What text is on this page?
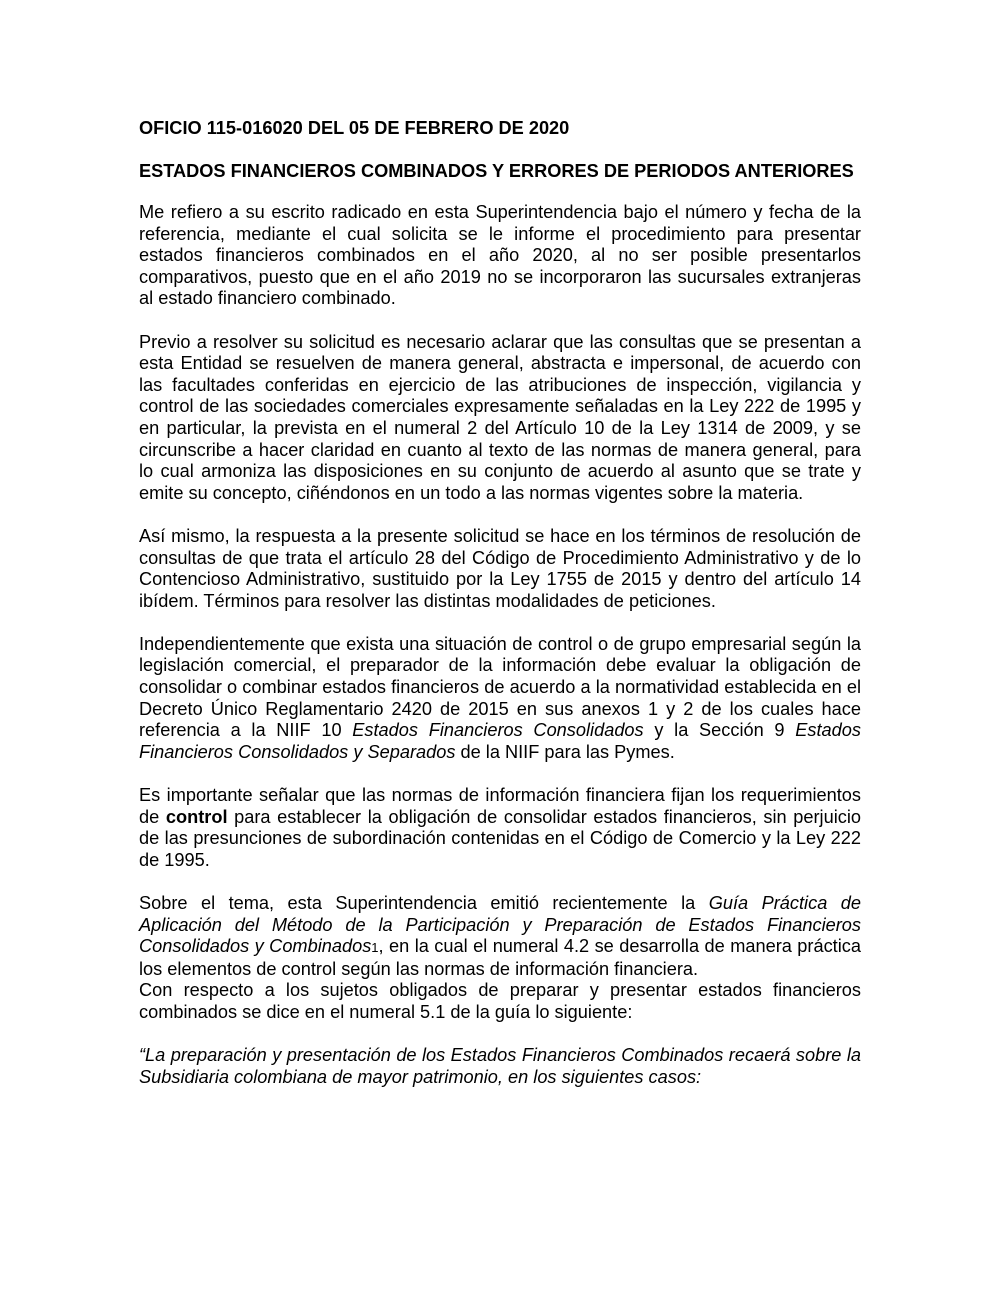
OFICIO 115-016020 DEL 05 DE FEBRERO DE 2020
ESTADOS FINANCIEROS COMBINADOS Y ERRORES DE PERIODOS ANTERIORES

Me refiero a su escrito radicado en esta Superintendencia bajo el número y fecha de la referencia, mediante el cual solicita se le informe el procedimiento para presentar estados financieros combinados en el año 2020, al no ser posible presentarlos comparativos, puesto que en el año 2019 no se incorporaron las sucursales extranjeras al estado financiero combinado.

Previo a resolver su solicitud es necesario aclarar que las consultas que se presentan a esta Entidad se resuelven de manera general, abstracta e impersonal, de acuerdo con las facultades conferidas en ejercicio de las atribuciones de inspección, vigilancia y control de las sociedades comerciales expresamente señaladas en la Ley 222 de 1995 y en particular, la prevista en el numeral 2 del Artículo 10 de la Ley 1314 de 2009, y se circunscribe a hacer claridad en cuanto al texto de las normas de manera general, para lo cual armoniza las disposiciones en su conjunto de acuerdo al asunto que se trate y emite su concepto, ciñéndonos en un todo a las normas vigentes sobre la materia.

Así mismo, la respuesta a la presente solicitud se hace en los términos de resolución de consultas de que trata el artículo 28 del Código de Procedimiento Administrativo y de lo Contencioso Administrativo, sustituido por la Ley 1755 de 2015 y dentro del artículo 14 ibídem. Términos para resolver las distintas modalidades de peticiones.

Independientemente que exista una situación de control o de grupo empresarial según la legislación comercial, el preparador de la información debe evaluar la obligación de consolidar o combinar estados financieros de acuerdo a la normatividad establecida en el Decreto Único Reglamentario 2420 de 2015 en sus anexos 1 y 2 de los cuales hace referencia a la NIIF 10 Estados Financieros Consolidados y la Sección 9 Estados Financieros Consolidados y Separados de la NIIF para las Pymes.

Es importante señalar que las normas de información financiera fijan los requerimientos de control para establecer la obligación de consolidar estados financieros, sin perjuicio de las presunciones de subordinación contenidas en el Código de Comercio y la Ley 222 de 1995.

Sobre el tema, esta Superintendencia emitió recientemente la Guía Práctica de Aplicación del Método de la Participación y Preparación de Estados Financieros Consolidados y Combinados1, en la cual el numeral 4.2 se desarrolla de manera práctica los elementos de control según las normas de información financiera.

Con respecto a los sujetos obligados de preparar y presentar estados financieros combinados se dice en el numeral 5.1 de la guía lo siguiente:

“La preparación y presentación de los Estados Financieros Combinados recaerá sobre la Subsidiaria colombiana de mayor patrimonio, en los siguientes casos:
